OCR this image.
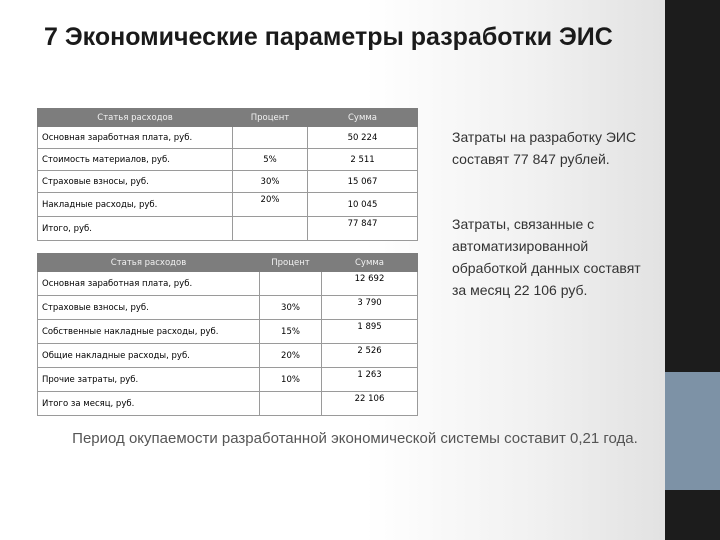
7 Экономические параметры разработки ЭИС
Статья расходов	Процент	Сумма
Основная заработная плата, руб.		50 224
Стоимость материалов, руб.	5%	2 511
Страховые взносы, руб.	30%	15 067
Накладные расходы, руб.	20%	10 045
Итого, руб.		77 847
Статья расходов	Процент	Сумма
Основная заработная плата, руб.		12 692
Страховые взносы, руб.	30%	3 790
Собственные накладные расходы, руб.	15%	1 895
Общие накладные расходы, руб.	20%	2 526
Прочие затраты, руб.	10%	1 263
Итого за месяц, руб.		22 106

Затраты на разработку ЭИС составят 77 847 рублей.

Затраты, связанные с автоматизированной обработкой данных составят за месяц 22 106 руб.

Период окупаемости разработанной экономической системы составит 0,21 года.
